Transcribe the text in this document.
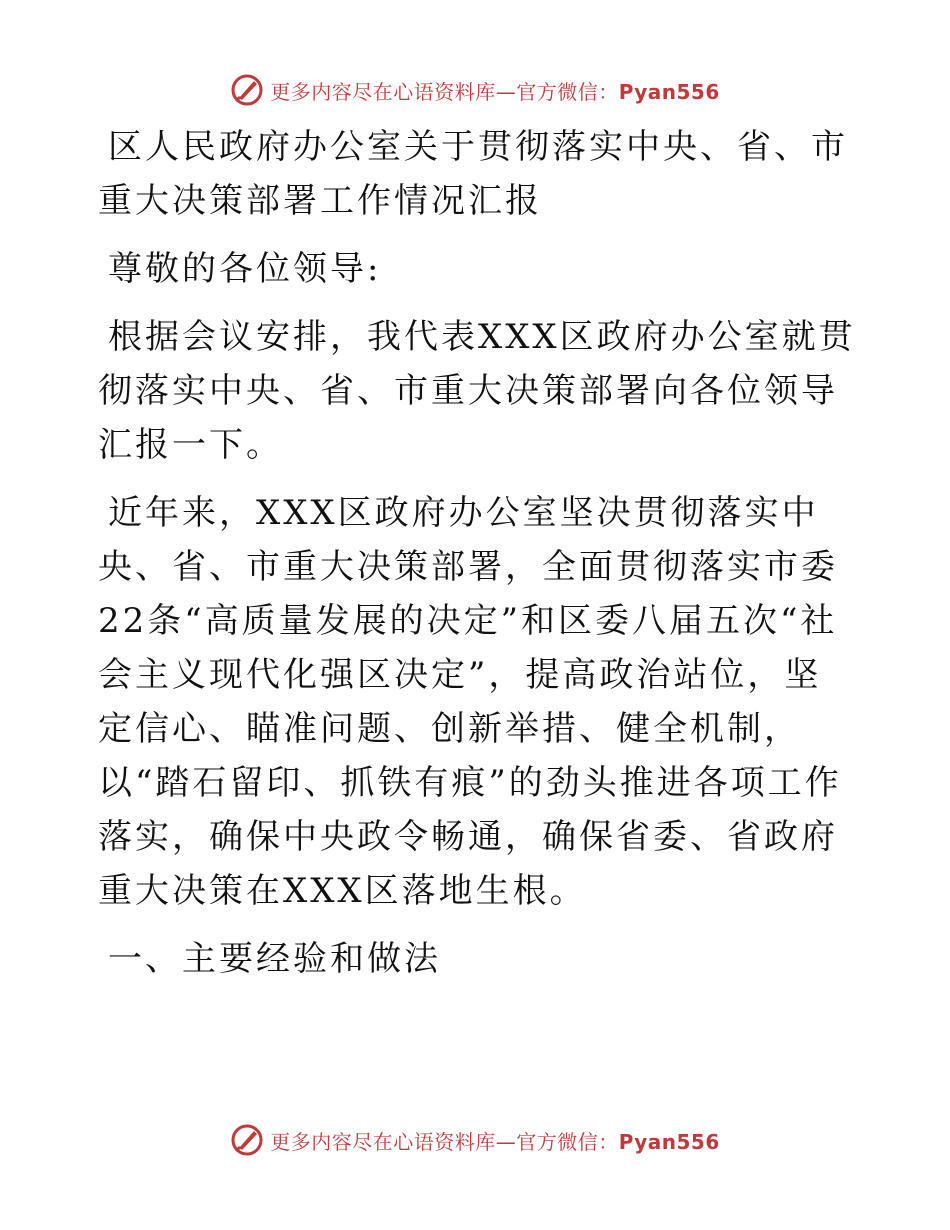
更多内容尽在心语资料库—官方微信：Pyan556

区人民政府办公室关于贯彻落实中央、省、市重大决策部署工作情况汇报

尊敬的各位领导:

根据会议安排，我代表XXX区政府办公室就贯彻落实中央、省、市重大决策部署向各位领导汇报一下。

近年来，XXX区政府办公室坚决贯彻落实中央、省、市重大决策部署，全面贯彻落实市委22条“高质量发展的决定”和区委八届五次“社会主义现代化强区决定”，提高政治站位，坚定信心、瞄准问题、创新举措、健全机制，以“踏石留印、抓铁有痕”的劲头推进各项工作落实，确保中央政令畅通，确保省委、省政府重大决策在XXX区落地生根。

一、主要经验和做法

更多内容尽在心语资料库—官方微信：Pyan556
